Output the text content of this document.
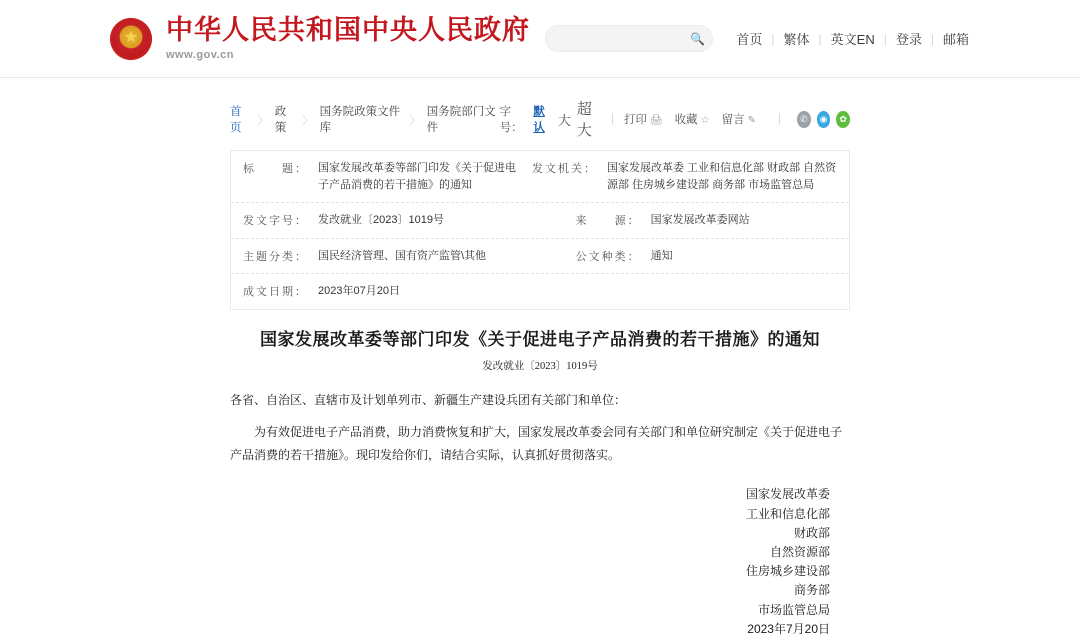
★
中华人民共和国中央人民政府
www.gov.cn
🔍 首页 | 繁体 | 英文EN | 登录 | 邮箱
首页
〉
政策
〉
国务院政策文件库
〉
国务院部门文件
字号：
默认
大
超大
| 打印 🖨 收藏 ☆ 留言 ✎	|	✆	◉	✿
标　　题： 国家发展改革委等部门印发《关于促进电子产品消费的若干措施》的通知
发文机关： 国家发展改革委 工业和信息化部 财政部 自然资源部 住房城乡建设部 商务部 市场监管总局
发文字号： 发改就业〔2023〕1019号	来　　源： 国家发展改革委网站
主题分类： 国民经济管理、国有资产监管\其他	公文种类： 通知
成文日期： 2023年07月20日
国家发展改革委等部门印发《关于促进电子产品消费的若干措施》的通知
发改就业〔2023〕1019号
各省、自治区、直辖市及计划单列市、新疆生产建设兵团有关部门和单位：
为有效促进电子产品消费，助力消费恢复和扩大，国家发展改革委会同有关部门和单位研究制定《关于促进电子产品消费的若干措施》。现印发给你们，请结合实际，认真抓好贯彻落实。
国家发展改革委
工业和信息化部
财政部
自然资源部
住房城乡建设部
商务部
市场监管总局
2023年7月20日
